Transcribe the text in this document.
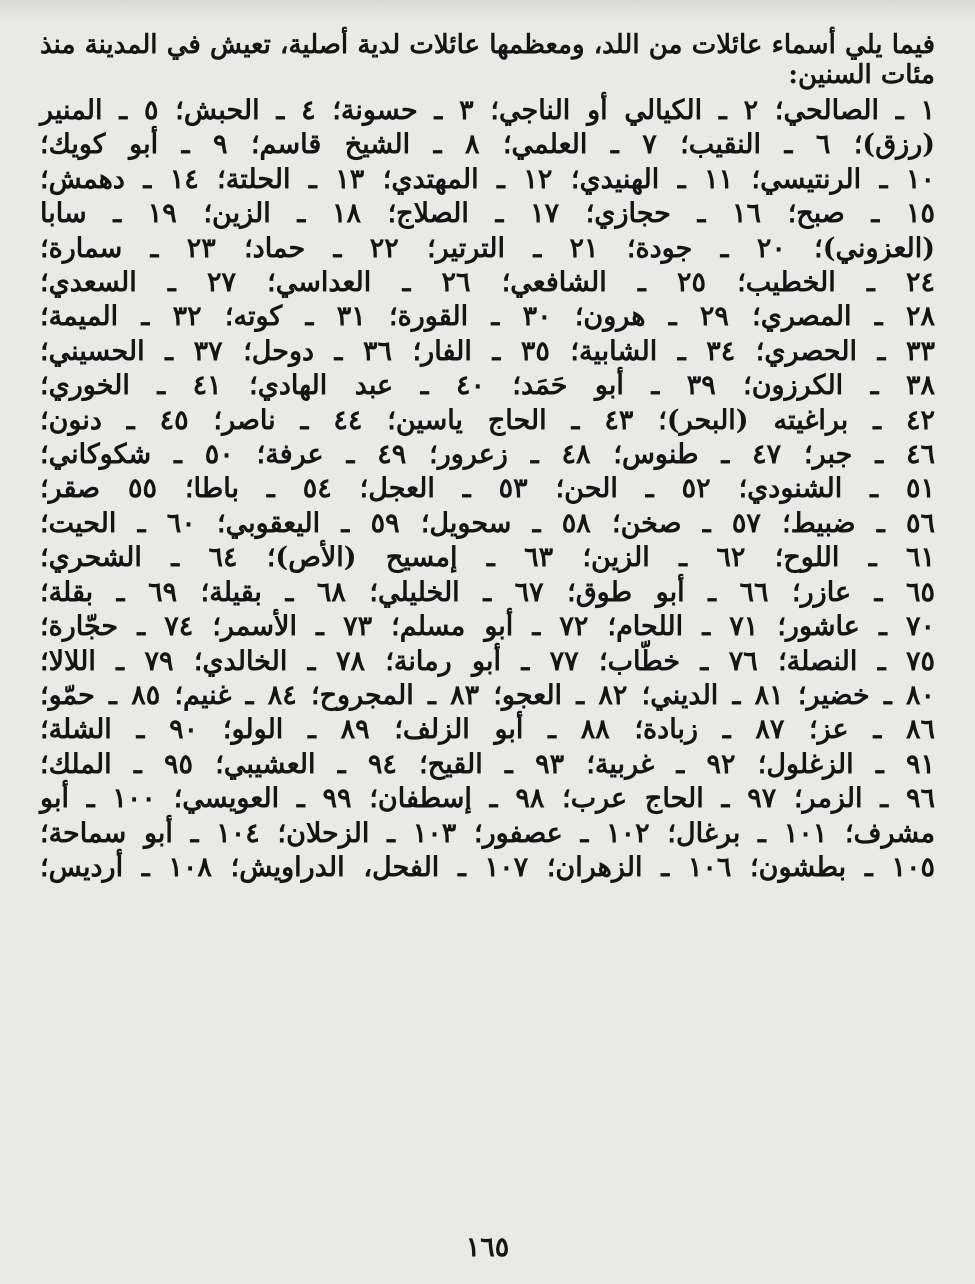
فيما يلي أسماء عائلات من اللد، ومعظمها عائلات لدية أصلية، تعيش في المدينة منذ مئات السنين:

١ ـ الصالحي؛ ٢ ـ الكيالي أو الناجي؛ ٣ ـ حسونة؛ ٤ ـ الحبش؛ ٥ ـ المنير
(رزق)؛ ٦ ـ النقيب؛ ٧ ـ العلمي؛ ٨ ـ الشيخ قاسم؛ ٩ ـ أبو كويك؛
١٠ ـ الرنتيسي؛ ١١ ـ الهنيدي؛ ١٢ ـ المهتدي؛ ١٣ ـ الحلتة؛ ١٤ ـ دهمش؛
١٥ ـ صبح؛ ١٦ ـ حجازي؛ ١٧ ـ الصلاج؛ ١٨ ـ الزين؛ ١٩ ـ سابا
(العزوني)؛ ٢٠ ـ جودة؛ ٢١ ـ الترتير؛ ٢٢ ـ حماد؛ ٢٣ ـ سمارة؛
٢٤ ـ الخطيب؛ ٢٥ ـ الشافعي؛ ٢٦ ـ العداسي؛ ٢٧ ـ السعدي؛
٢٨ ـ المصري؛ ٢٩ ـ هرون؛ ٣٠ ـ القورة؛ ٣١ ـ كوته؛ ٣٢ ـ الميمة؛
٣٣ ـ الحصري؛ ٣٤ ـ الشابية؛ ٣٥ ـ الفار؛ ٣٦ ـ دوحل؛ ٣٧ ـ الحسيني؛
٣٨ ـ الكرزون؛ ٣٩ ـ أبو حَمَد؛ ٤٠ ـ عبد الهادي؛ ٤١ ـ الخوري؛
٤٢ ـ براغيته (البحر)؛ ٤٣ ـ الحاج ياسين؛ ٤٤ ـ ناصر؛ ٤٥ ـ دنون؛
٤٦ ـ جبر؛ ٤٧ ـ طنوس؛ ٤٨ ـ زعرور؛ ٤٩ ـ عرفة؛ ٥٠ ـ شكوكاني؛
٥١ ـ الشنودي؛ ٥٢ ـ الحن؛ ٥٣ ـ العجل؛ ٥٤ ـ باطا؛ ٥٥ صقر؛
٥٦ ـ ضبيط؛ ٥٧ ـ صخن؛ ٥٨ ـ سحويل؛ ٥٩ ـ اليعقوبي؛ ٦٠ ـ الحيت؛
٦١ ـ اللوح؛ ٦٢ ـ الزين؛ ٦٣ ـ إمسيح (الأص)؛ ٦٤ ـ الشحري؛
٦٥ ـ عازر؛ ٦٦ ـ أبو طوق؛ ٦٧ ـ الخليلي؛ ٦٨ ـ بقيلة؛ ٦٩ ـ بقلة؛
٧٠ ـ عاشور؛ ٧١ ـ اللحام؛ ٧٢ ـ أبو مسلم؛ ٧٣ ـ الأسمر؛ ٧٤ ـ حجّارة؛
٧٥ ـ النصلة؛ ٧٦ ـ خطّاب؛ ٧٧ ـ أبو رمانة؛ ٧٨ ـ الخالدي؛ ٧٩ ـ اللالا؛
٨٠ ـ خضير؛ ٨١ ـ الديني؛ ٨٢ ـ العجو؛ ٨٣ ـ المجروح؛ ٨٤ ـ غنيم؛ ٨٥ ـ حمّو؛
٨٦ ـ عز؛ ٨٧ ـ زبادة؛ ٨٨ ـ أبو الزلف؛ ٨٩ ـ الولو؛ ٩٠ ـ الشلة؛
٩١ ـ الزغلول؛ ٩٢ ـ غربية؛ ٩٣ ـ القيح؛ ٩٤ ـ العشيبي؛ ٩٥ ـ الملك؛
٩٦ ـ الزمر؛ ٩٧ ـ الحاج عرب؛ ٩٨ ـ إسطفان؛ ٩٩ ـ العويسي؛ ١٠٠ ـ أبو
مشرف؛ ١٠١ ـ برغال؛ ١٠٢ ـ عصفور؛ ١٠٣ ـ الزحلان؛ ١٠٤ ـ أبو سماحة؛
١٠٥ ـ بطشون؛ ١٠٦ ـ الزهران؛ ١٠٧ ـ الفحل، الدراويش؛ ١٠٨ ـ أرديس؛
١٦٥
